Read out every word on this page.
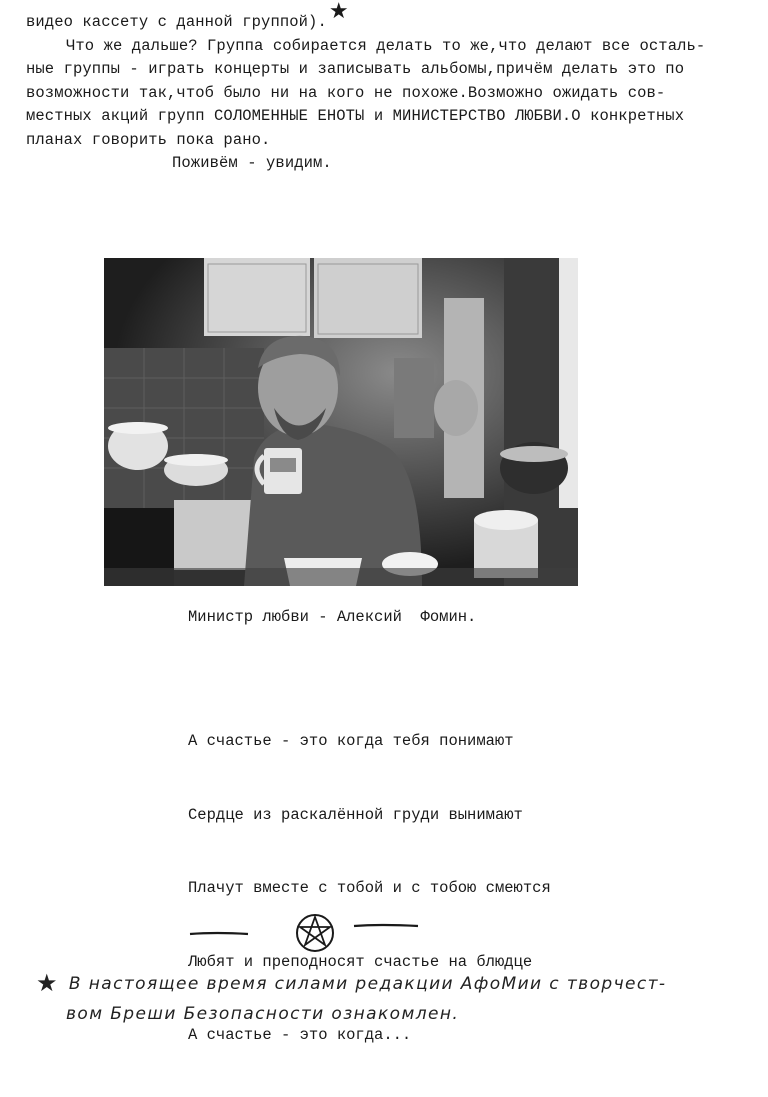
видео кассету с данной группой).★

Что же дальше? Группа собирается делать то же,что делают все осталь-

ные группы - играть концерты и записывать альбомы,причём делать это по

возможности так,чтоб было ни на кого не похоже.Возможно ожидать сов-

местных акций групп СОЛОМЕННЫЕ ЕНОТЫ и МИНИСТЕРСТВО ЛЮБВИ.О конкретных

планах говорить пока рано.

Поживём - увидим.

Министр любви - Алексий  Фомин.

А счастье - это когда тебя понимают

Сердце из раскалённой груди вынимают

Плачут вместе с тобой и с тобою смеются

Любят и преподносят счастье на блюдце

А счастье - это когда...

★ В настоящее время силами редакции АфоМии с творчест-
вом Бреши Безопасности ознакомлен.
